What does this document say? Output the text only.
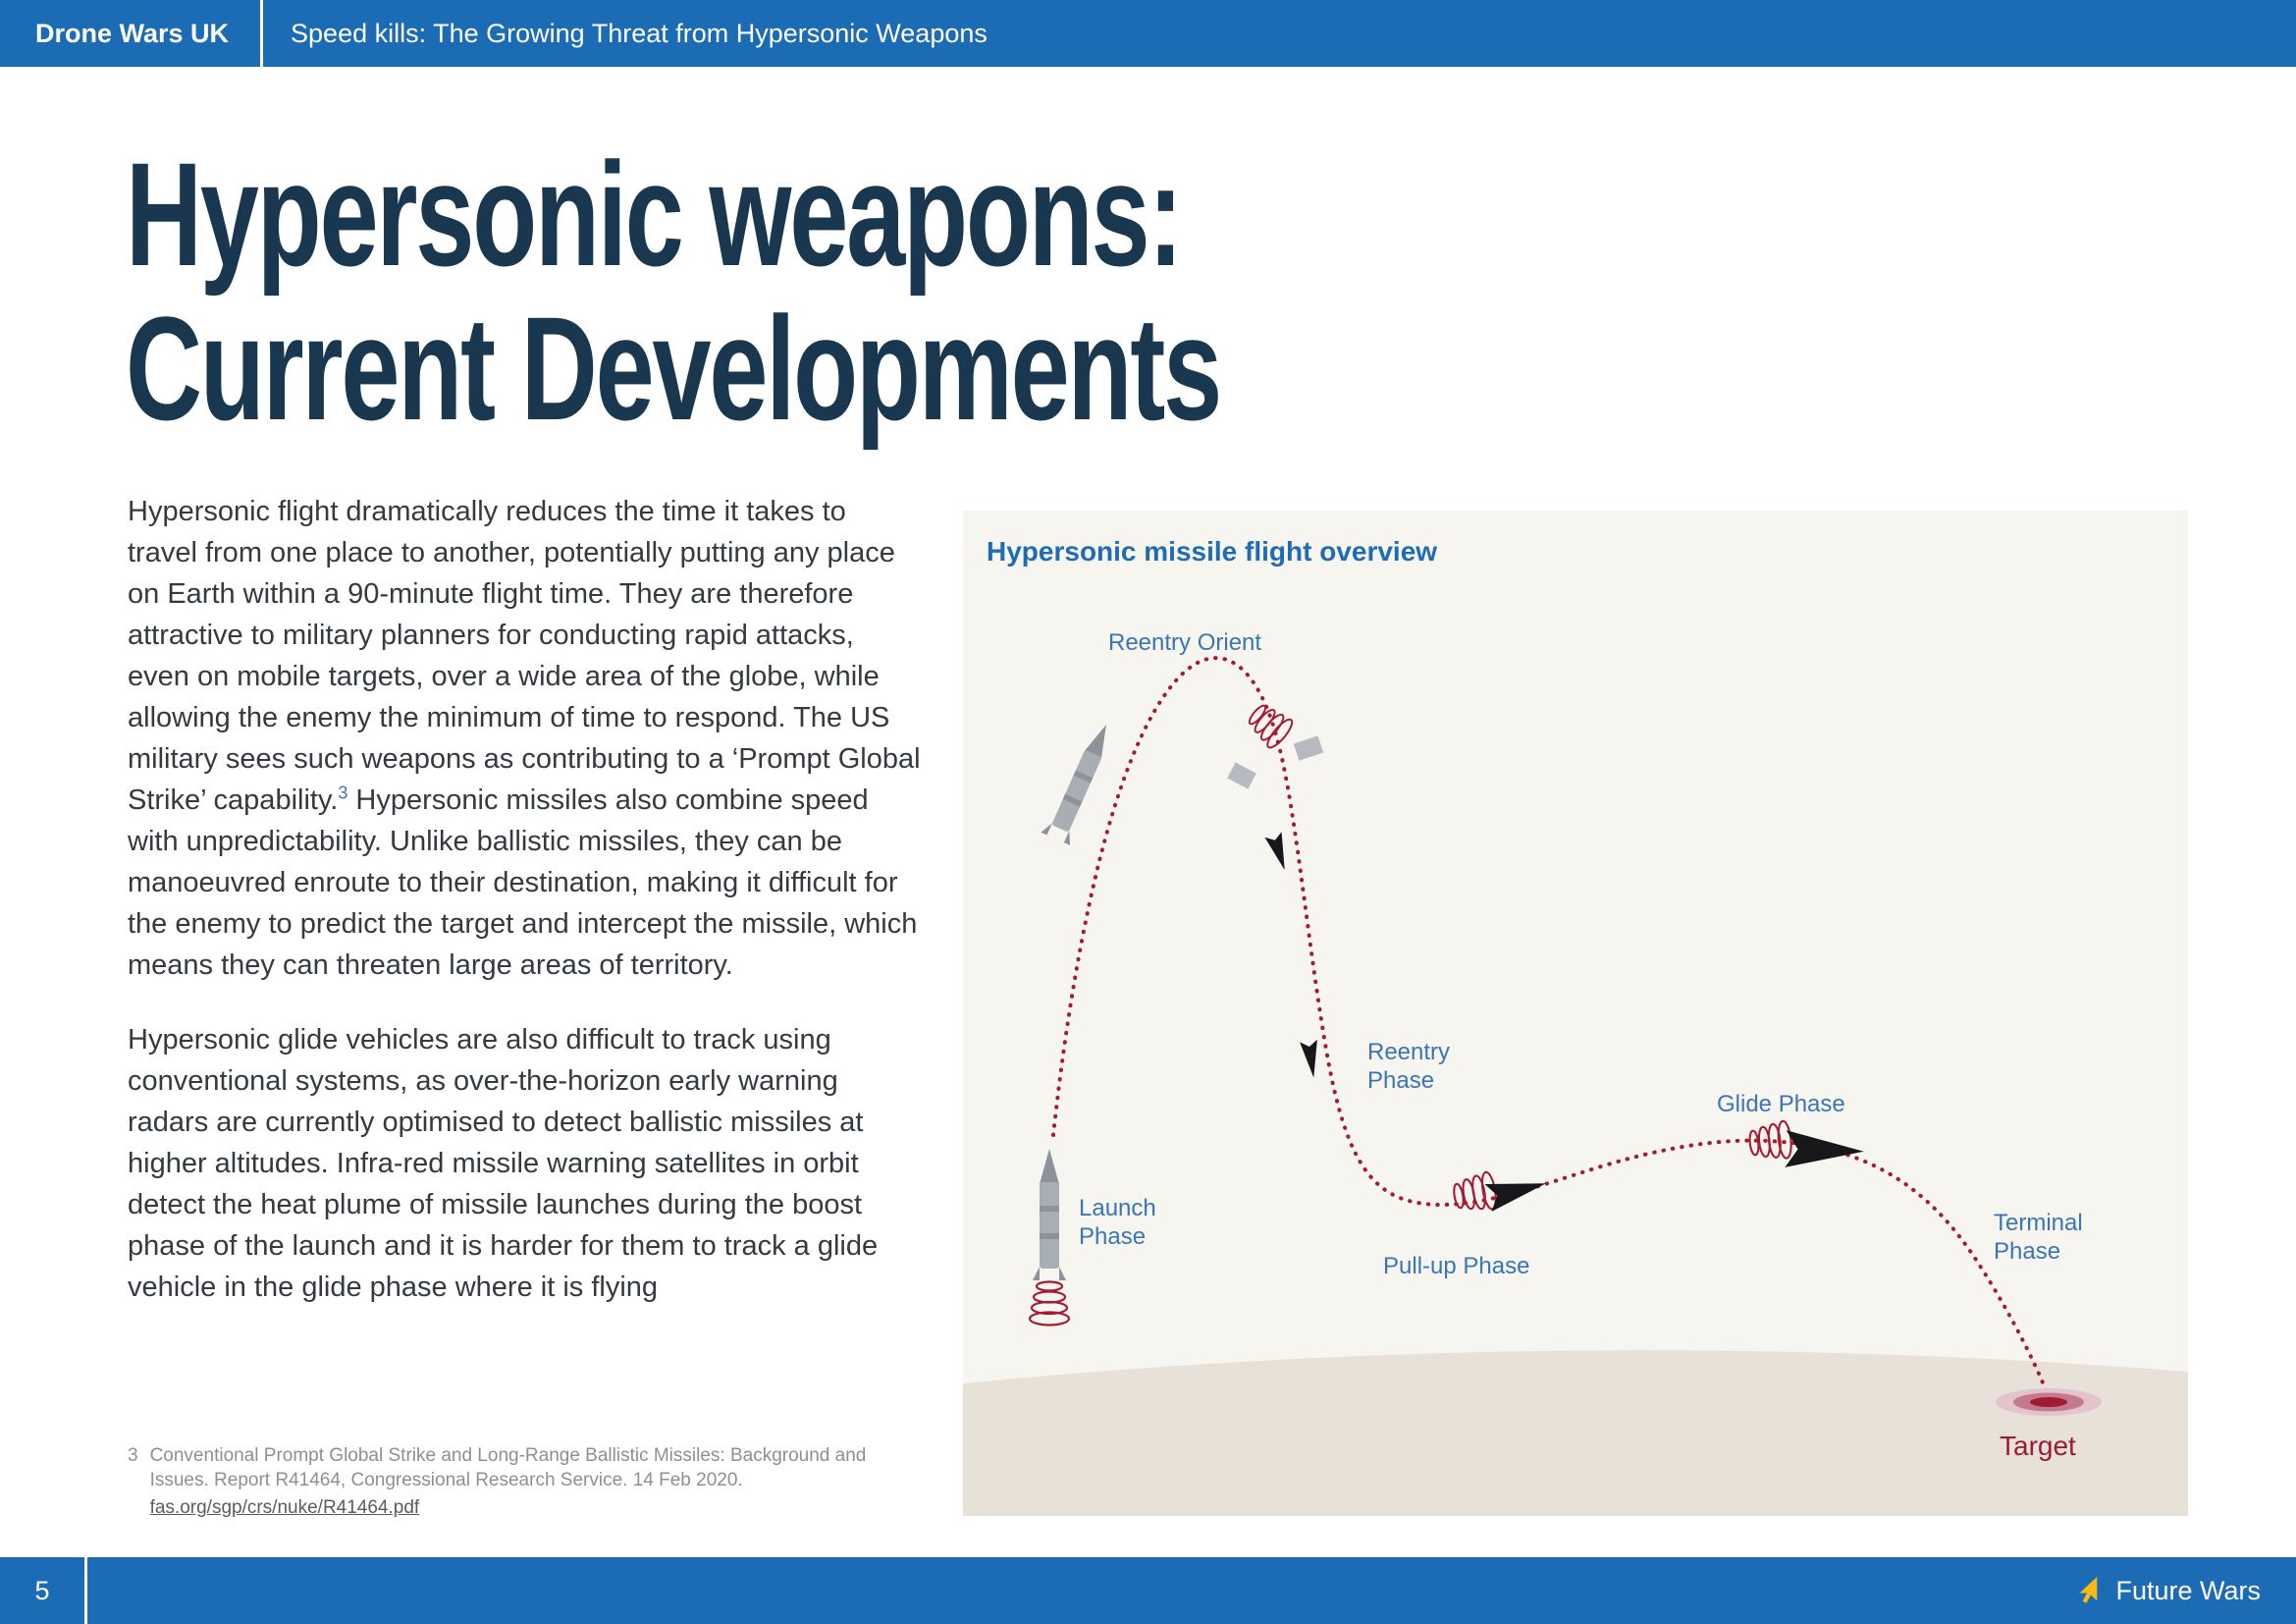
Drone Wars UK	Speed kills: The Growing Threat from Hypersonic Weapons
Hypersonic weapons:
Current Developments

Hypersonic flight dramatically reduces the time it takes to travel from one place to another, potentially putting any place on Earth within a 90-minute flight time. They are therefore attractive to military planners for conducting rapid attacks, even on mobile targets, over a wide area of the globe, while allowing the enemy the minimum of time to respond. The US military sees such weapons as contributing to a ‘Prompt Global Strike’ capability.$^3$ Hypersonic missiles also combine speed with unpredictability. Unlike ballistic missiles, they can be manoeuvred enroute to their destination, making it difficult for the enemy to predict the target and intercept the missile, which means they can threaten large areas of territory.

Hypersonic glide vehicles are also difficult to track using conventional systems, as over-the-horizon early warning radars are currently optimised to detect ballistic missiles at higher altitudes. Infra-red missile warning satellites in orbit detect the heat plume of missile launches during the boost phase of the launch and it is harder for them to track a glide vehicle in the glide phase where it is flying

3 Conventional Prompt Global Strike and Long-Range Ballistic Missiles: Background and Issues. Report R41464, Congressional Research Service. 14 Feb 2020.
fas.org/sgp/crs/nuke/R41464.pdf
Hypersonic missile flight overview
Reentry Orient
Reentry Phase
Launch Phase
Pull-up Phase
Glide Phase
Terminal Phase
Target
5	Future Wars
